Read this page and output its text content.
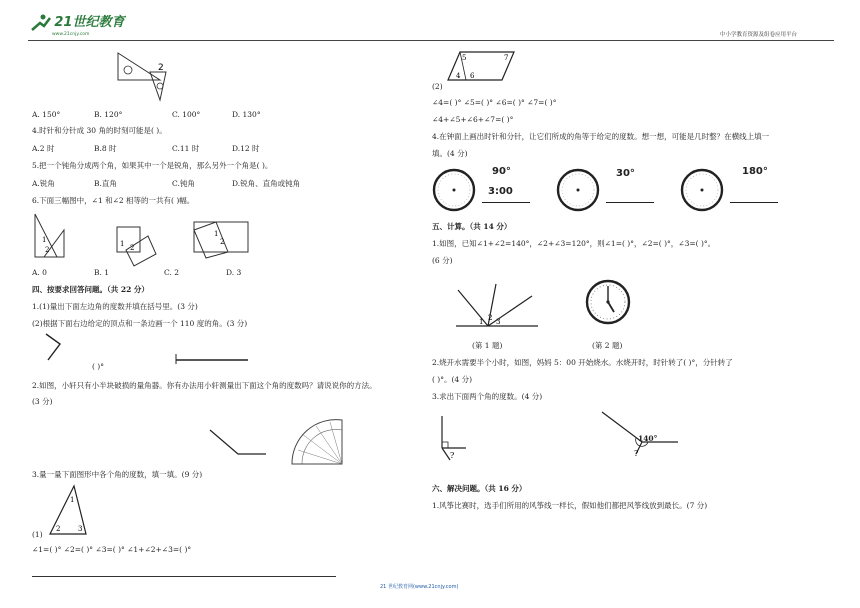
21世纪教育
www.21cnjy.com	中小学教育资源及组卷应用平台
2
A. 150°	B. 120°	C. 100°	D. 130°
4.时针和分针成 30 角的时刻可能是( )。
A.2 时	B.8 时	C.11 时	D.12 时
5.把一个钝角分成两个角，如果其中一个是锐角，那么另外一个角是( )。
A.锐角	B.直角	C.钝角	D.锐角、直角或钝角
6.下面三幅图中，∠1 和∠2 相等的一共有( )幅。
1
2
1 2
1
2
A. 0	B. 1	C. 2	D. 3
四、按要求回答问题。（共 22 分）
1.(1)量出下面左边角的度数并填在括号里。(3 分)
(2)根据下面右边给定的顶点和一条边画一个 110 度的角。(3 分)
( )°
2.如图，小轩只有小半块破损的量角器。你有办法用小轩测量出下面这个角的度数吗？请说说你的方法。
(3 分)
3.量一量下面图形中各个角的度数，填一填。(9 分)
1
2	3
(1)
∠1=( )° ∠2=( )° ∠3=( )° ∠1+∠2+∠3=( )°
4
5
6
7
(2)
∠4=( )° ∠5=( )° ∠6=( )° ∠7=( )°
∠4+∠5+∠6+∠7=( )°
4.在钟面上画出时针和分针，让它们所成的角等于给定的度数。想一想，可能是几时整？在横线上填一
填。(4 分)
90°
3:00
30°	180°
五、计算。（共 14 分）
1.如图，已知∠1+∠2=140°，∠2+∠3=120°，则∠1=( )°，∠2=( )°，∠3=( )°。
(6 分)
1 2 3
(第 1 题)	(第 2 题)
2.烧开水需要半个小时，如图，妈妈 5：00 开始烧水。水烧开时，时针转了( )°，分针转了
( )°。(4 分)
3.求出下面两个角的度数。(4 分)
?	?
140°
六、解决问题。（共 16 分）
1.风筝比赛时，选手们所用的风筝线一样长，假如他们都把风筝线放到最长。(7 分)
21 世纪教育网(www.21cnjy.com)
